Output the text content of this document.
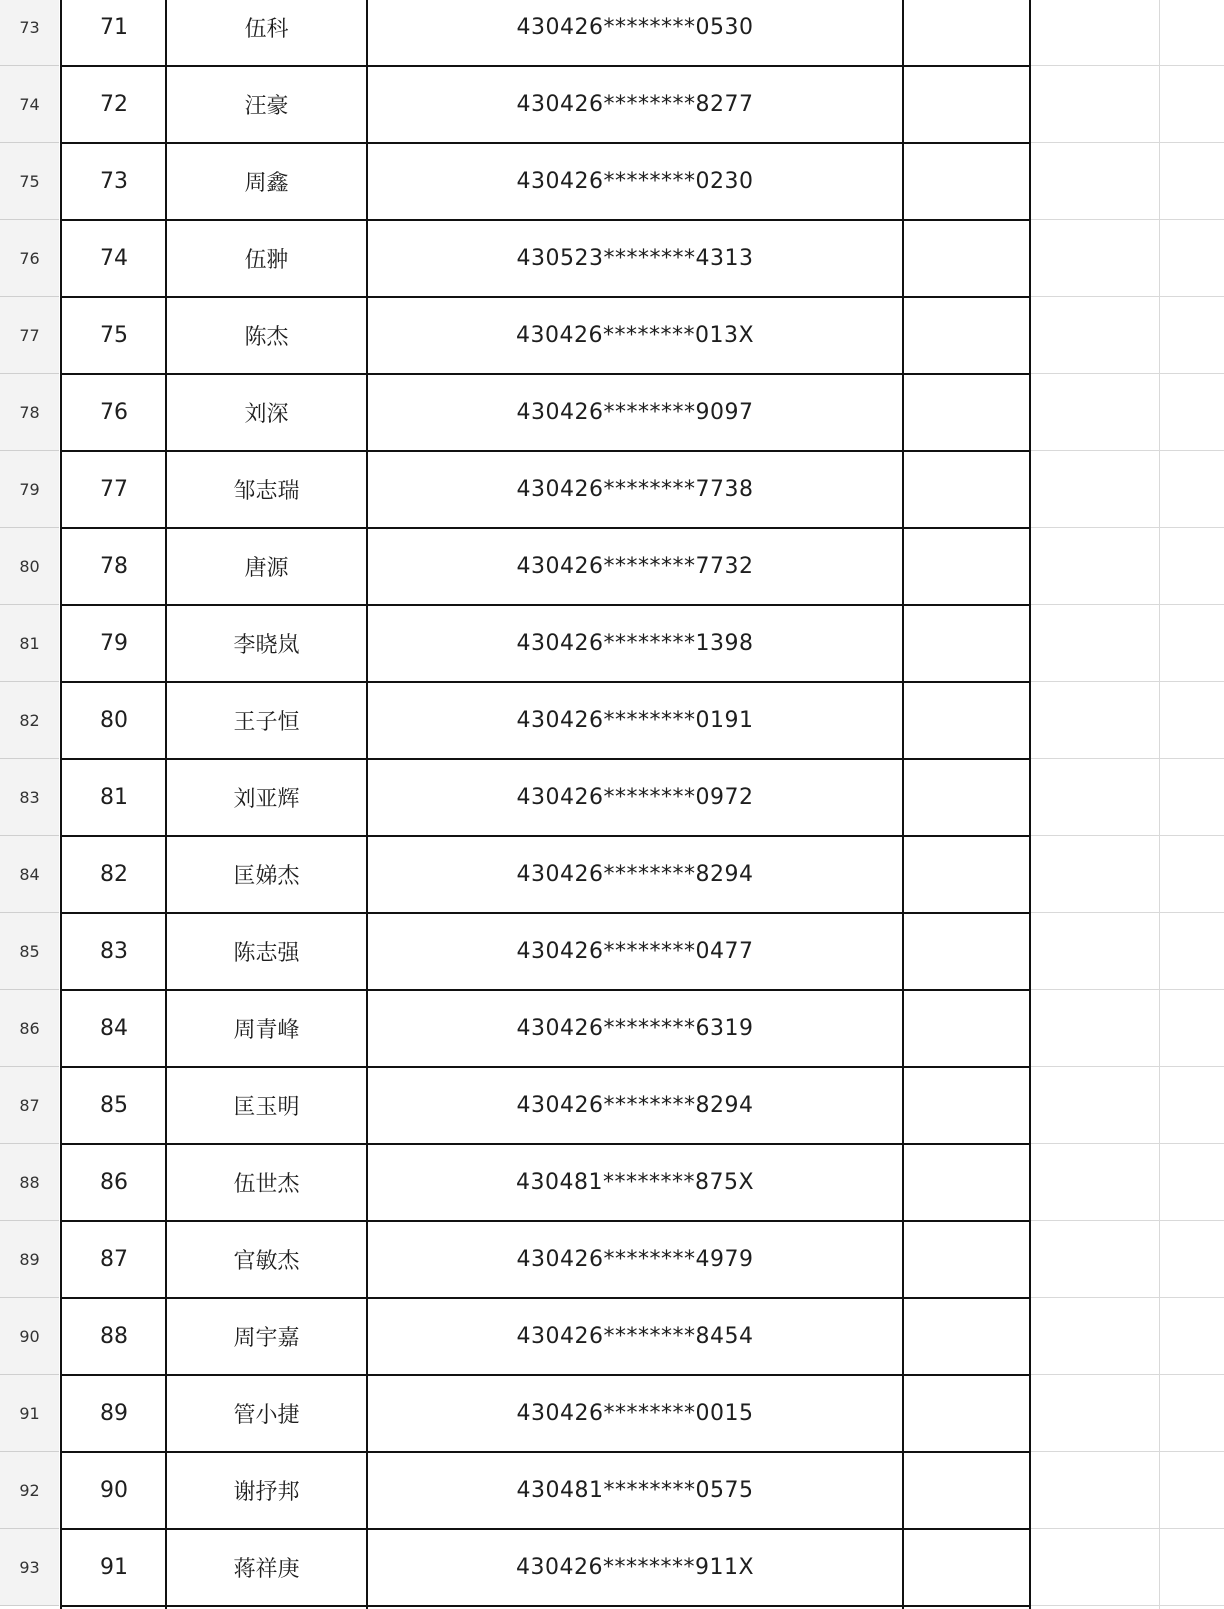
73	71	伍科	430426********0530
74	72	汪豪	430426********8277
75	73	周鑫	430426********0230
76	74	伍翀	430523********4313
77	75	陈杰	430426********013X
78	76	刘深	430426********9097
79	77	邹志瑞	430426********7738
80	78	唐源	430426********7732
81	79	李晓岚	430426********1398
82	80	王子恒	430426********0191
83	81	刘亚辉	430426********0972
84	82	匡娣杰	430426********8294
85	83	陈志强	430426********0477
86	84	周青峰	430426********6319
87	85	匡玉明	430426********8294
88	86	伍世杰	430481********875X
89	87	官敏杰	430426********4979
90	88	周宇嘉	430426********8454
91	89	管小捷	430426********0015
92	90	谢抒邦	430481********0575
93	91	蒋祥庚	430426********911X
